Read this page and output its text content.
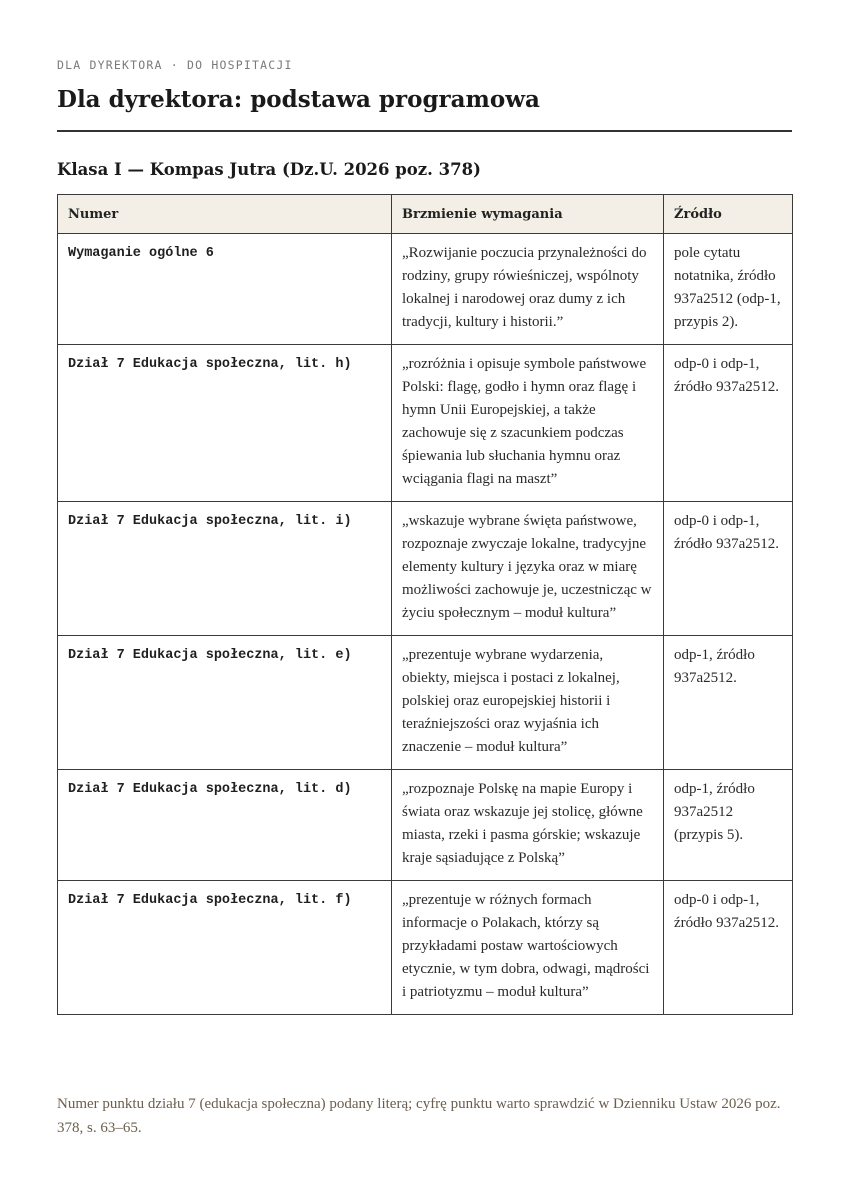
DLA DYREKTORA · DO HOSPITACJI
Dla dyrektora: podstawa programowa
Klasa I — Kompas Jutra (Dz.U. 2026 poz. 378)
Numer	Brzmienie wymagania	Źródło
Wymaganie ogólne 6	„Rozwijanie poczucia przynależności do rodziny, grupy rówieśniczej, wspólnoty lokalnej i narodowej oraz dumy z ich tradycji, kultury i historii.”	pole cytatu notatnika, źródło 937a2512 (odp-1, przypis 2).
Dział 7 Edukacja społeczna, lit. h)	„rozróżnia i opisuje symbole państwowe Polski: flagę, godło i hymn oraz flagę i hymn Unii Europejskiej, a także zachowuje się z szacunkiem podczas śpiewania lub słuchania hymnu oraz wciągania flagi na maszt”	odp-0 i odp-1, źródło 937a2512.
Dział 7 Edukacja społeczna, lit. i)	„wskazuje wybrane święta państwowe, rozpoznaje zwyczaje lokalne, tradycyjne elementy kultury i języka oraz w miarę możliwości zachowuje je, uczestnicząc w życiu społecznym – moduł kultura”	odp-0 i odp-1, źródło 937a2512.
Dział 7 Edukacja społeczna, lit. e)	„prezentuje wybrane wydarzenia, obiekty, miejsca i postaci z lokalnej, polskiej oraz europejskiej historii i teraźniejszości oraz wyjaśnia ich znaczenie – moduł kultura”	odp-1, źródło 937a2512.
Dział 7 Edukacja społeczna, lit. d)	„rozpoznaje Polskę na mapie Europy i świata oraz wskazuje jej stolicę, główne miasta, rzeki i pasma górskie; wskazuje kraje sąsiadujące z Polską”	odp-1, źródło 937a2512 (przypis 5).
Dział 7 Edukacja społeczna, lit. f)	„prezentuje w różnych formach informacje o Polakach, którzy są przykładami postaw wartościowych etycznie, w tym dobra, odwagi, mądrości i patriotyzmu – moduł kultura”	odp-0 i odp-1, źródło 937a2512.

Numer punktu działu 7 (edukacja społeczna) podany literą; cyfrę punktu warto sprawdzić w Dzienniku Ustaw 2026 poz. 378, s. 63–65.
